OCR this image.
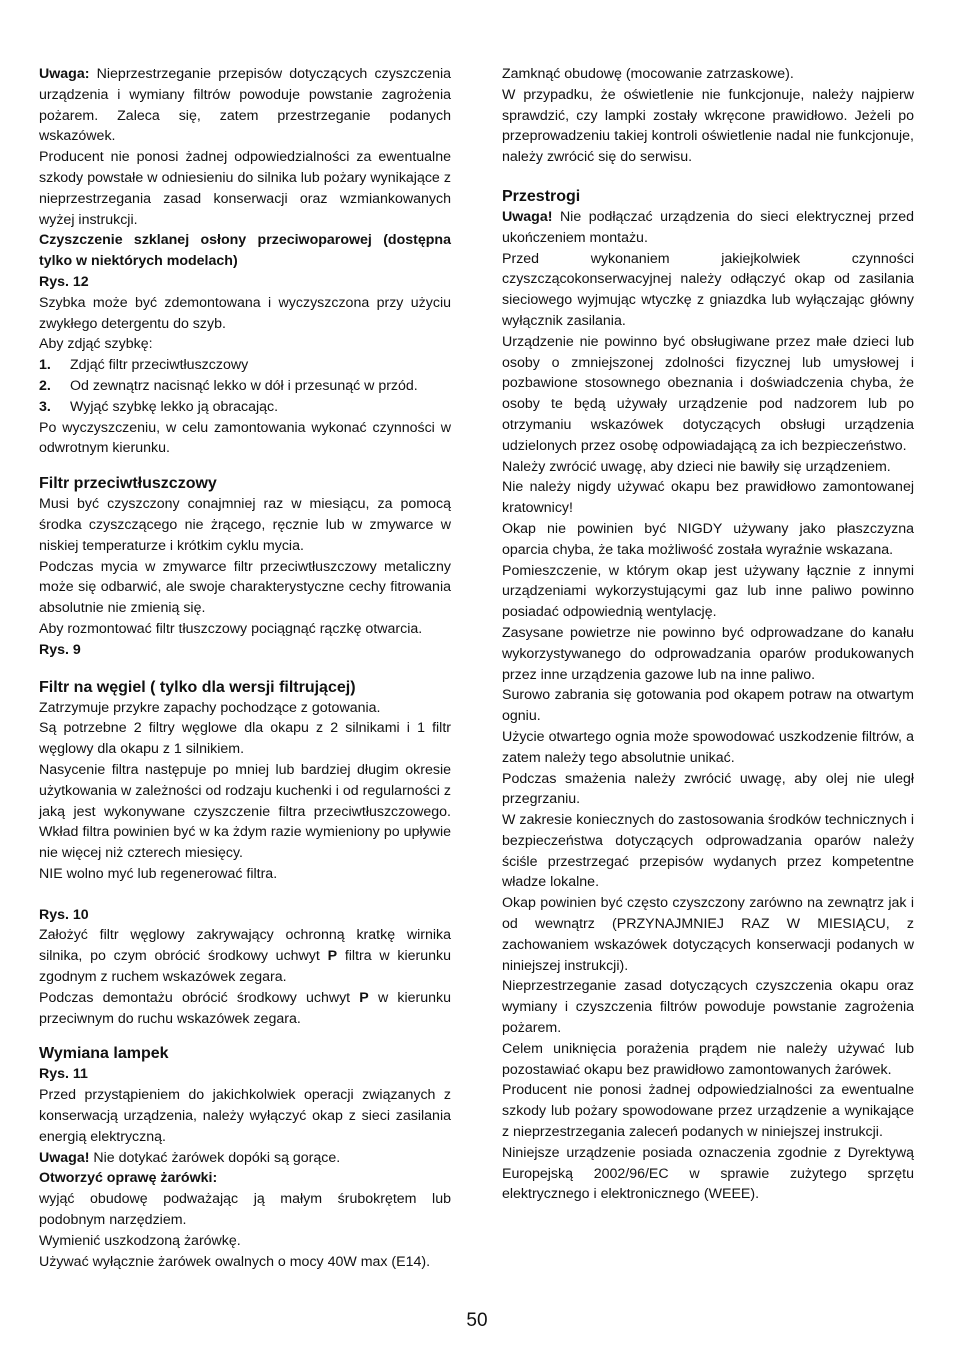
Uwaga: Nieprzestrzeganie przepisów dotyczących czyszczenia urządzenia i wymiany filtrów powoduje powstanie zagrożenia pożarem. Zaleca się, zatem przestrzeganie podanych wskazówek.

Producent nie ponosi żadnej odpowiedzialności za ewentualne szkody powstałe w odniesieniu do silnika lub pożary wynikające z nieprzestrzegania zasad konserwacji oraz wzmiankowanych wyżej instrukcji.

Czyszczenie szklanej osłony przeciwoparowej (dostępna tylko w niektórych modelach)

Rys. 12

Szybka może być zdemontowana i wyczyszczona przy użyciu zwykłego detergentu do szyb.

Aby zdjąć szybkę:

1.	Zdjąć filtr przeciwtłuszczowy
2.	Od zewnątrz nacisnąć lekko w dół i przesunąć w przód.
3.	Wyjąć szybkę lekko ją obracając.

Po wyczyszczeniu, w celu zamontowania wykonać czynności w odwrotnym kierunku.

Filtr przeciwtłuszczowy

Musi być czyszczony conajmniej raz w miesiącu, za pomocą środka czyszczącego nie żrącego, ręcznie lub w zmywarce w niskiej temperaturze i krótkim cyklu mycia.

Podczas mycia w zmywarce filtr przeciwtłuszczowy metaliczny może się odbarwić, ale swoje charakterystyczne cechy fitrowania absolutnie nie zmienią się.

Aby rozmontować filtr tłuszczowy pociągnąć rączkę otwarcia.

Rys. 9

Filtr na węgiel ( tylko dla wersji filtrującej)

Zatrzymuje przykre zapachy pochodzące z gotowania.

Są potrzebne 2 filtry węglowe dla okapu z 2 silnikami i 1 filtr węglowy dla okapu z 1 silnikiem.

Nasycenie filtra następuje po mniej lub bardziej długim okresie użytkowania w zależności od rodzaju kuchenki i od regularności z jaką jest wykonywane czyszczenie filtra przeciwtłuszczowego. Wkład filtra powinien być w ka żdym razie wymieniony po upływie nie więcej niż czterech miesięcy.

NIE wolno myć lub regenerować filtra.

Rys. 10

Założyć filtr węglowy zakrywający ochronną kratkę wirnika silnika, po czym obrócić środkowy uchwyt P filtra w kierunku zgodnym z ruchem wskazówek zegara.

Podczas demontażu obrócić środkowy uchwyt P w kierunku przeciwnym do ruchu wskazówek zegara.

Wymiana lampek

Rys. 11

Przed przystąpieniem do jakichkolwiek operacji związanych z konserwacją urządzenia, należy wyłączyć okap z sieci zasilania energią elektryczną.

Uwaga! Nie dotykać żarówek dopóki są gorące.

Otworzyć oprawę żarówki:

wyjąć obudowę podważając ją małym śrubokrętem lub podobnym narzędziem.

Wymienić uszkodzoną żarówkę.

Używać wyłącznie żarówek owalnych o mocy 40W max (E14).

Zamknąć obudowę (mocowanie zatrzaskowe).

W przypadku, że oświetlenie nie funkcjonuje, należy najpierw sprawdzić, czy lampki zostały wkręcone prawidłowo. Jeżeli po przeprowadzeniu takiej kontroli oświetlenie nadal nie funkcjonuje, należy zwrócić się do serwisu.

Przestrogi

Uwaga! Nie podłączać urządzenia do sieci elektrycznej przed ukończeniem montażu.

Przed wykonaniem jakiejkolwiek czynności czyszczącokonserwacyjnej należy odłączyć okap od zasilania sieciowego wyjmując wtyczkę z gniazdka lub wyłączając główny wyłącznik zasilania.

Urządzenie nie powinno być obsługiwane przez małe dzieci lub osoby o zmniejszonej zdolności fizycznej lub umysłowej i pozbawione stosownego obeznania i doświadczenia chyba, że osoby te będą używały urządzenie pod nadzorem lub po otrzymaniu wskazówek dotyczących obsługi urządzenia udzielonych przez osobę odpowiadającą za ich bezpieczeństwo.

Należy zwrócić uwagę, aby dzieci nie bawiły się urządzeniem.

Nie należy nigdy używać okapu bez prawidłowo zamontowanej kratownicy!

Okap nie powinien być NIGDY używany jako płaszczyzna oparcia chyba, że taka możliwość została wyraźnie wskazana.

Pomieszczenie, w którym okap jest używany łącznie z innymi urządzeniami wykorzystującymi gaz lub inne paliwo powinno posiadać odpowiednią wentylację.

Zasysane powietrze nie powinno być odprowadzane do kanału wykorzystywanego do odprowadzania oparów produkowanych przez inne urządzenia gazowe lub na inne paliwo.

Surowo zabrania się gotowania pod okapem potraw na otwartym ogniu.

Użycie otwartego ognia może spowodować uszkodzenie filtrów, a zatem należy tego absolutnie unikać.

Podczas smażenia należy zwrócić uwagę, aby olej nie uległ przegrzaniu.

W zakresie koniecznych do zastosowania środków technicznych i bezpieczeństwa dotyczących odprowadzania oparów należy ściśle przestrzegać przepisów wydanych przez kompetentne władze lokalne.

Okap powinien być często czyszczony zarówno na zewnątrz jak i od wewnątrz (PRZYNAJMNIEJ RAZ W MIESIĄCU, z zachowaniem wskazówek dotyczących konserwacji podanych w niniejszej instrukcji).

Nieprzestrzeganie zasad dotyczących czyszczenia okapu oraz wymiany i czyszczenia filtrów powoduje powstanie zagrożenia pożarem.

Celem uniknięcia porażenia prądem nie należy używać lub pozostawiać okapu bez prawidłowo zamontowanych żarówek.

Producent nie ponosi żadnej odpowiedzialności za ewentualne szkody lub pożary spowodowane przez urządzenie a wynikające z nieprzestrzegania zaleceń podanych w niniejszej instrukcji.

Niniejsze urządzenie posiada oznaczenia zgodnie z Dyrektywą Europejską 2002/96/EC w sprawie zużytego sprzętu elektrycznego i elektronicznego (WEEE).

50
